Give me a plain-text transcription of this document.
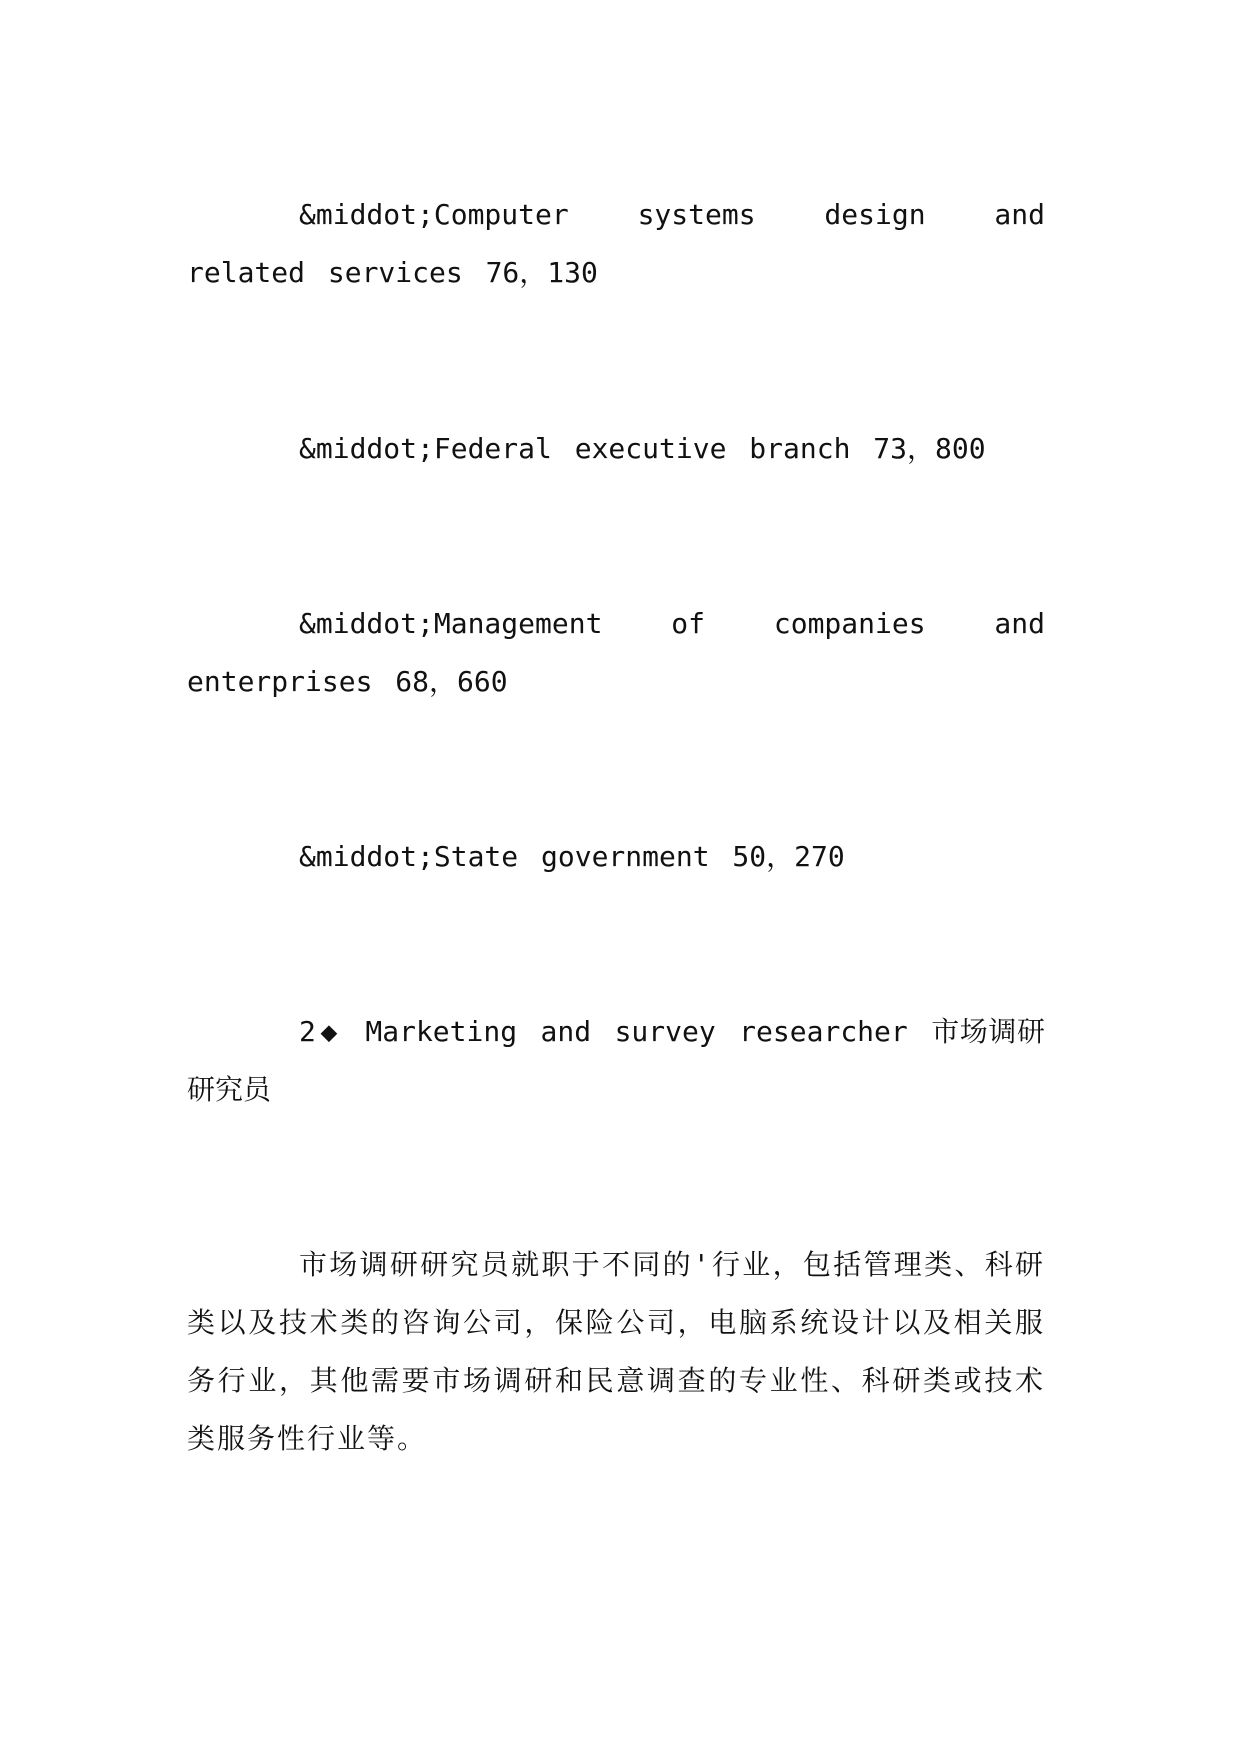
&middot;Computer systems design and related services 76，130

&middot;Federal executive branch 73，800

&middot;Management of companies and enterprises 68，660

&middot;State government 50，270

2 ◆ Marketing and survey researcher 市场调研研究员

市场调研研究员就职于不同的'行业，包括管理类、科研类以及技术类的咨询公司，保险公司，电脑系统设计以及相关服务行业，其他需要市场调研和民意调查的专业性、科研类或技术类服务性行业等。
